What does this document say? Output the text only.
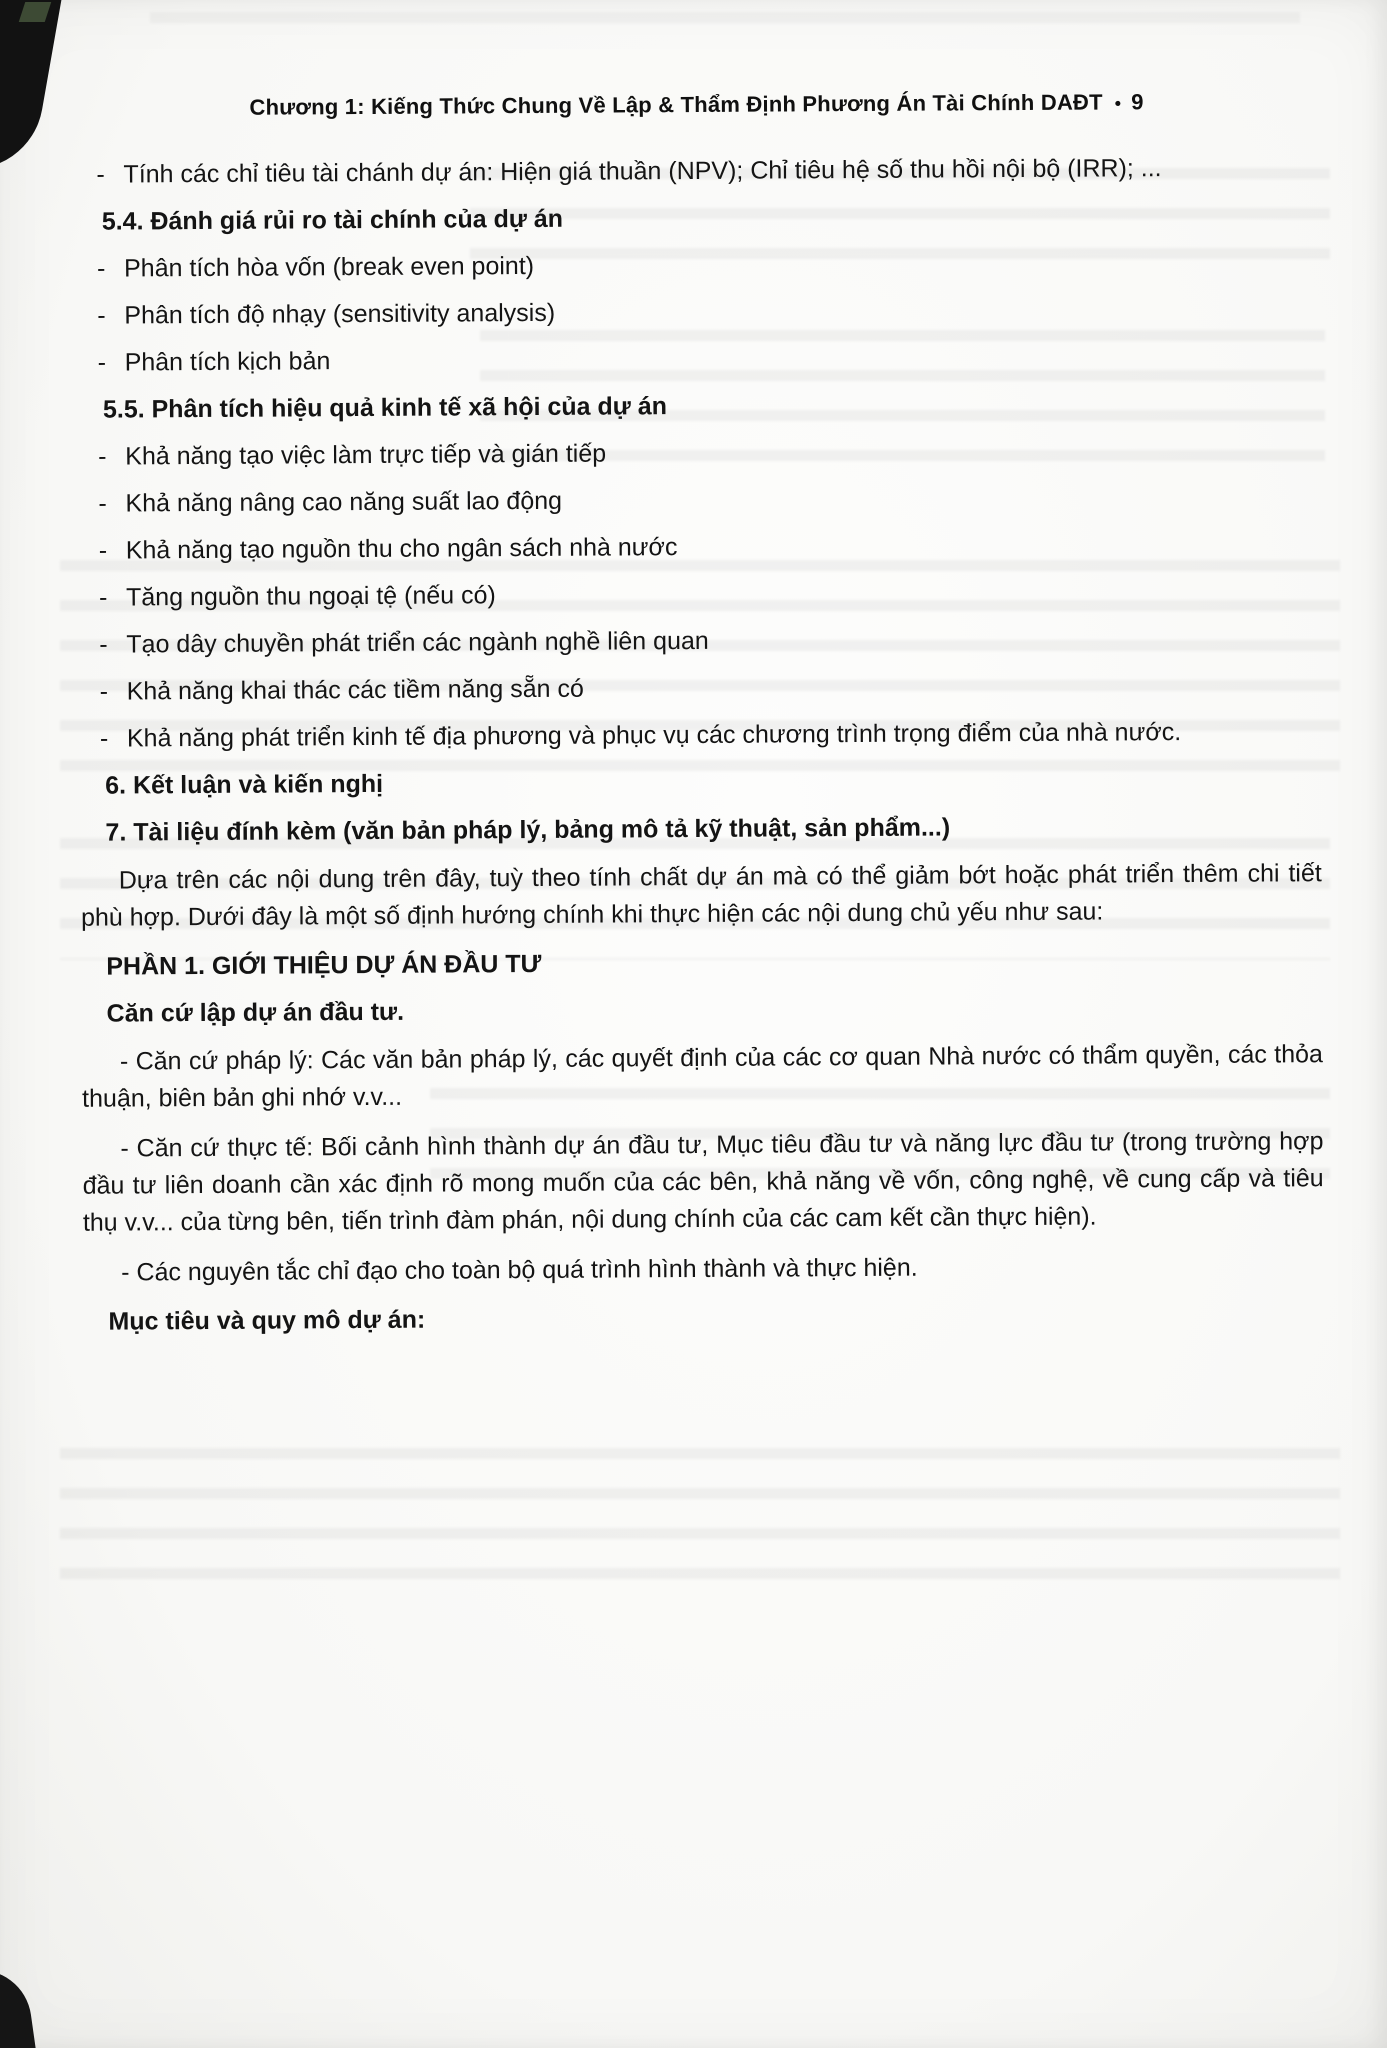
Chương 1: Kiếng Thức Chung Về Lập & Thẩm Định Phương Án Tài Chính DAĐT • 9
- Tính các chỉ tiêu tài chánh dự án: Hiện giá thuần (NPV); Chỉ tiêu hệ số thu hồi nội bộ (IRR); ...
5.4. Đánh giá rủi ro tài chính của dự án
- Phân tích hòa vốn (break even point)
- Phân tích độ nhạy (sensitivity analysis)
- Phân tích kịch bản
5.5. Phân tích hiệu quả kinh tế xã hội của dự án
- Khả năng tạo việc làm trực tiếp và gián tiếp
- Khả năng nâng cao năng suất lao động
- Khả năng tạo nguồn thu cho ngân sách nhà nước
- Tăng nguồn thu ngoại tệ (nếu có)
- Tạo dây chuyền phát triển các ngành nghề liên quan
- Khả năng khai thác các tiềm năng sẵn có
- Khả năng phát triển kinh tế địa phương và phục vụ các chương trình trọng điểm của nhà nước.
6. Kết luận và kiến nghị
7. Tài liệu đính kèm (văn bản pháp lý, bảng mô tả kỹ thuật, sản phẩm...)
Dựa trên các nội dung trên đây, tuỳ theo tính chất dự án mà có thể giảm bớt hoặc phát triển thêm chi tiết phù hợp. Dưới đây là một số định hướng chính khi thực hiện các nội dung chủ yếu như sau:
PHẦN 1. GIỚI THIỆU DỰ ÁN ĐẦU TƯ
Căn cứ lập dự án đầu tư.
- Căn cứ pháp lý: Các văn bản pháp lý, các quyết định của các cơ quan Nhà nước có thẩm quyền, các thỏa thuận, biên bản ghi nhớ v.v...
- Căn cứ thực tế: Bối cảnh hình thành dự án đầu tư, Mục tiêu đầu tư và năng lực đầu tư (trong trường hợp đầu tư liên doanh cần xác định rõ mong muốn của các bên, khả năng về vốn, công nghệ, về cung cấp và tiêu thụ v.v... của từng bên, tiến trình đàm phán, nội dung chính của các cam kết cần thực hiện).
- Các nguyên tắc chỉ đạo cho toàn bộ quá trình hình thành và thực hiện.
Mục tiêu và quy mô dự án:
